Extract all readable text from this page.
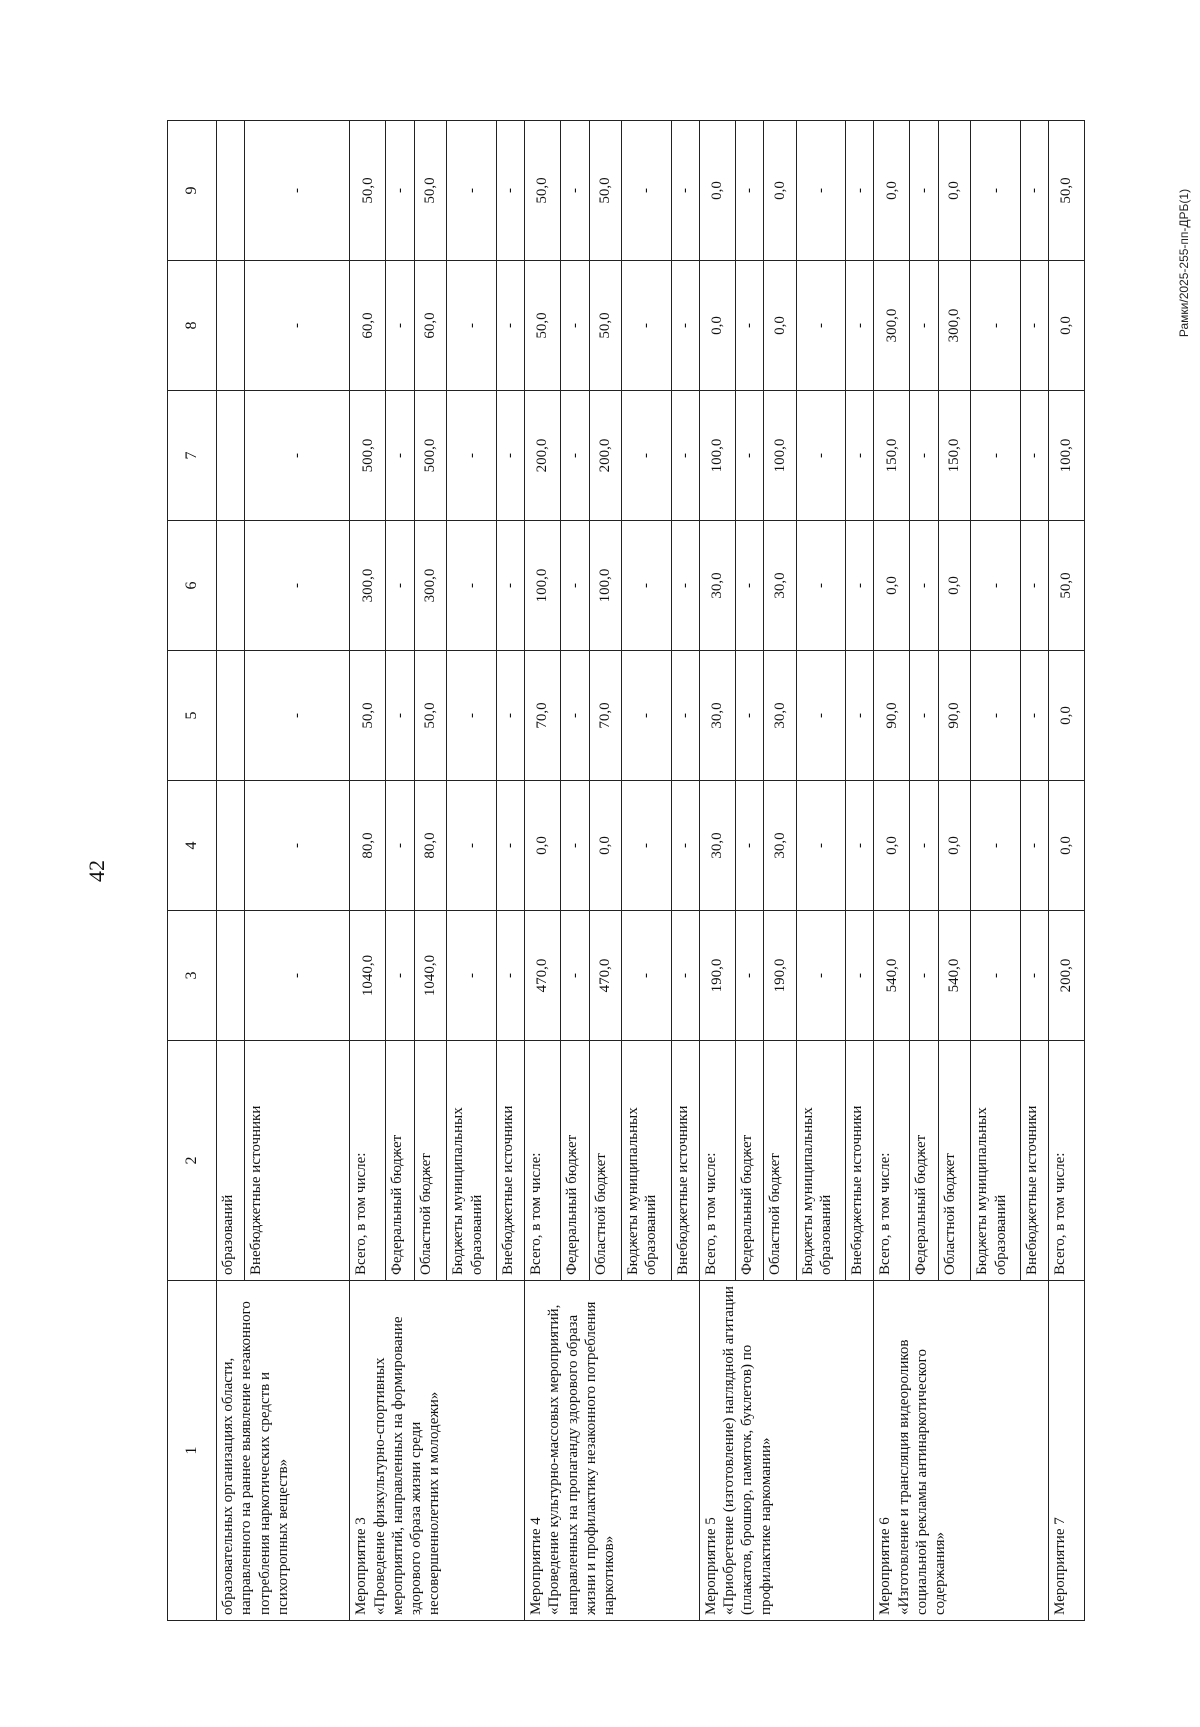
42
Рамки/2025-255-пп-ДРБ(1)
1	2	3	4	5	6	7	8	9

образовательных организациях области, направленного на раннее выявление незаконного потребления наркотических средств и психотропных веществ»	образований							
	Внебюджетные источники	-	-	-	-	-	-	-

Мероприятие 3 «Проведение физкультурно-спортивных мероприятий, направленных на формирование здорового образа жизни среди несовершеннолетних и молодежи»	Всего, в том числе:	1040,0	80,0	50,0	300,0	500,0	60,0	50,0
	Федеральный бюджет	-	-	-	-	-	-	-
	Областной бюджет	1040,0	80,0	50,0	300,0	500,0	60,0	50,0
	Бюджеты муниципальных образований	-	-	-	-	-	-	-
	Внебюджетные источники	-	-	-	-	-	-	-

Мероприятие 4 «Проведение культурно-массовых мероприятий, направленных на пропаганду здорового образа жизни и профилактику незаконного потребления наркотиков»	Всего, в том числе:	470,0	0,0	70,0	100,0	200,0	50,0	50,0
	Федеральный бюджет	-	-	-	-	-	-	-
	Областной бюджет	470,0	0,0	70,0	100,0	200,0	50,0	50,0
	Бюджеты муниципальных образований	-	-	-	-	-	-	-
	Внебюджетные источники	-	-	-	-	-	-	-

Мероприятие 5 «Приобретение (изготовление) наглядной агитации (плакатов, брошюр, памяток, буклетов) по профилактике наркомании»	Всего, в том числе:	190,0	30,0	30,0	30,0	100,0	0,0	0,0
	Федеральный бюджет	-	-	-	-	-	-	-
	Областной бюджет	190,0	30,0	30,0	30,0	100,0	0,0	0,0
	Бюджеты муниципальных образований	-	-	-	-	-	-	-
	Внебюджетные источники	-	-	-	-	-	-	-

Мероприятие 6 «Изготовление и трансляция видеороликов социальной рекламы антинаркотического содержания»	Всего, в том числе:	540,0	0,0	90,0	0,0	150,0	300,0	0,0
	Федеральный бюджет	-	-	-	-	-	-	-
	Областной бюджет	540,0	0,0	90,0	0,0	150,0	300,0	0,0
	Бюджеты муниципальных образований	-	-	-	-	-	-	-
	Внебюджетные источники	-	-	-	-	-	-	-

Мероприятие 7	Всего, в том числе:	200,0	0,0	0,0	50,0	100,0	0,0	50,0
